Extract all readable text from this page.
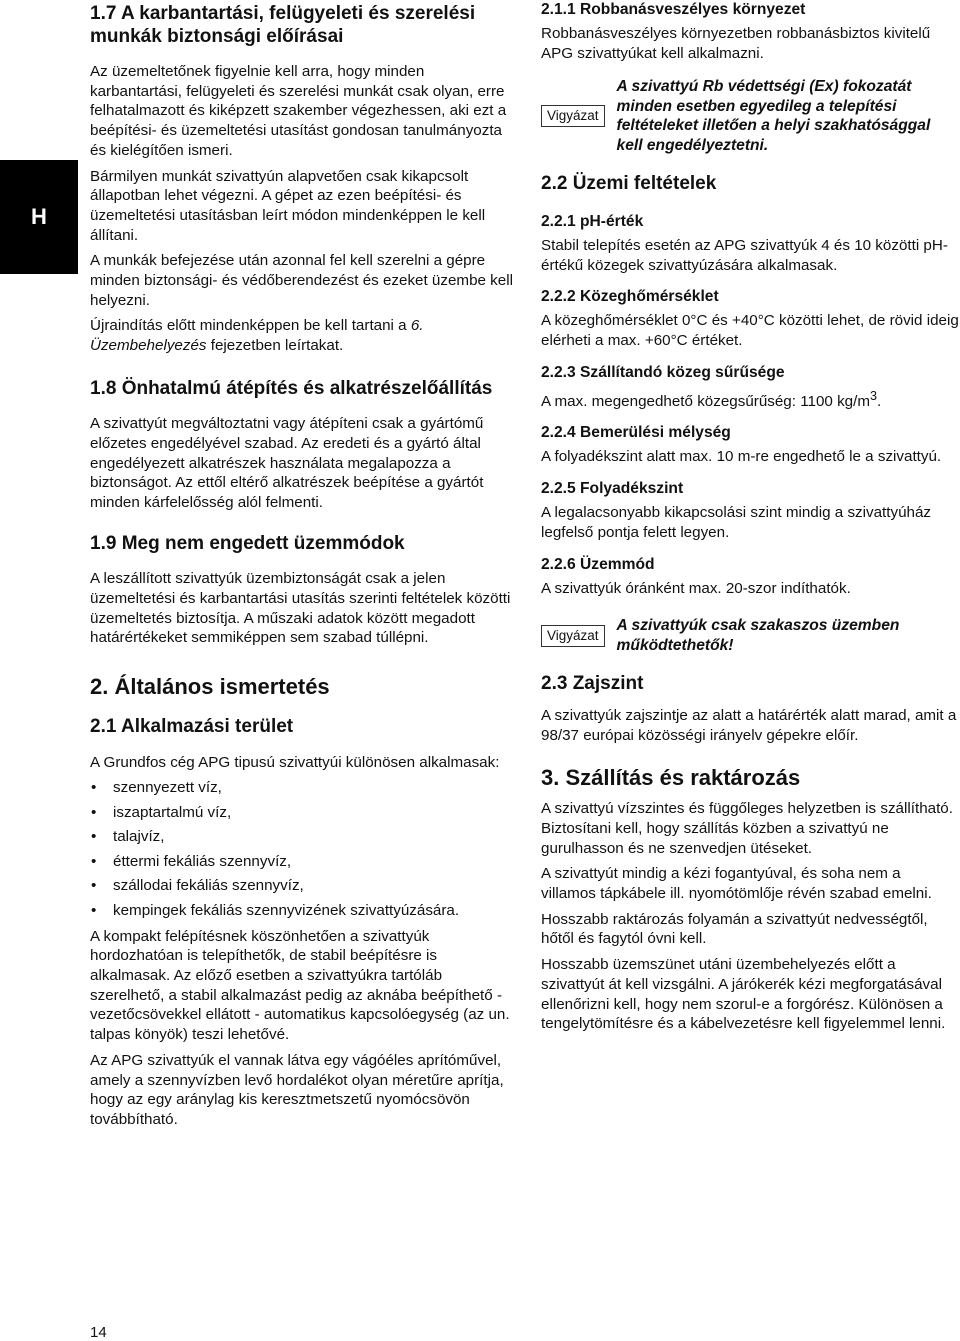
H
1.7 A karbantartási, felügyeleti és szerelési munkák biztonsági előírásai

Az üzemeltetőnek figyelnie kell arra, hogy minden karbantartási, felügyeleti és szerelési munkát csak olyan, erre felhatalmazott és kiképzett szakember végezhessen, aki ezt a beépítési- és üzemeltetési utasítást gondosan tanulmányozta és kielégítően ismeri.

Bármilyen munkát szivattyún alapvetően csak kikapcsolt állapotban lehet végezni. A gépet az ezen beépítési- és üzemeltetési utasításban leírt módon mindenképpen le kell állítani.

A munkák befejezése után azonnal fel kell szerelni a gépre minden biztonsági- és védőberendezést és ezeket üzembe kell helyezni.

Újraindítás előtt mindenképpen be kell tartani a 6. Üzembehelyezés fejezetben leírtakat.

1.8 Önhatalmú átépítés és alkatrészelőállítás

A szivattyút megváltoztatni vagy átépíteni csak a gyártómű előzetes engedélyével szabad. Az eredeti és a gyártó által engedélyezett alkatrészek használata megalapozza a biztonságot. Az ettől eltérő alkatrészek beépítése a gyártót minden kárfelelősség alól felmenti.

1.9 Meg nem engedett üzemmódok

A leszállított szivattyúk üzembiztonságát csak a jelen üzemeltetési és karbantartási utasítás szerinti feltételek közötti üzemeltetés biztosítja. A műszaki adatok között megadott határértékeket semmiképpen sem szabad túllépni.

2. Általános ismertetés
2.1 Alkalmazási terület

A Grundfos cég APG tipusú szivattyúi különösen alkalmasak:

• szennyezett víz,
• iszaptartalmú víz,
• talajvíz,
• éttermi fekáliás szennyvíz,
• szállodai fekáliás szennyvíz,
• kempingek fekáliás szennyvizének szivattyúzására.

A kompakt felépítésnek köszönhetően a szivattyúk hordozhatóan is telepíthetők, de stabil beépítésre is alkalmasak. Az előző esetben a szivattyúkra tartóláb szerelhető, a stabil alkalmazást pedig az aknába beépíthető - vezetőcsövekkel ellátott - automatikus kapcsolóegység (az un. talpas könyök) teszi lehetővé.

Az APG szivattyúk el vannak látva egy vágóéles aprítóművel, amely a szennyvízben levő hordalékot olyan méretűre aprítja, hogy az egy aránylag kis keresztmetszetű nyomócsövön továbbítható.

2.1.1 Robbanásveszélyes környezet

Robbanásveszélyes környezetben robbanásbiztos kivitelű APG szivattyúkat kell alkalmazni.

Vigyázat
A szivattyú Rb védettségi (Ex) fokozatát minden esetben egyedileg a telepítési feltételeket illetően a helyi szakhatósággal kell engedélyeztetni.
2.2 Üzemi feltételek
2.2.1 pH-érték

Stabil telepítés esetén az APG szivattyúk 4 és 10 közötti pH-értékű közegek szivattyúzására alkalmasak.

2.2.2 Közeghőmérséklet

A közeghőmérséklet 0°C és +40°C közötti lehet, de rövid ideig elérheti a max. +60°C értéket.

2.2.3 Szállítandó közeg sűrűsége

A max. megengedhető közegsűrűség: 1100 $kg/m^3$.

2.2.4 Bemerülési mélység

A folyadékszint alatt max. 10 m-re engedhető le a szivattyú.

2.2.5 Folyadékszint

A legalacsonyabb kikapcsolási szint mindig a szivattyúház legfelső pontja felett legyen.

2.2.6 Üzemmód

A szivattyúk óránként max. 20-szor indíthatók.

Vigyázat
A szivattyúk csak szakaszos üzemben működtethetők!
2.3 Zajszint

A szivattyúk zajszintje az alatt a határérték alatt marad, amit a 98/37 európai közösségi irányelv gépekre előír.

3. Szállítás és raktározás

A szivattyú vízszintes és függőleges helyzetben is szállítható. Biztosítani kell, hogy szállítás közben a szivattyú ne gurulhasson és ne szenvedjen ütéseket.

A szivattyút mindig a kézi fogantyúval, és soha nem a villamos tápkábele ill. nyomótömlője révén szabad emelni.

Hosszabb raktározás folyamán a szivattyút nedvességtől, hőtől és fagytól óvni kell.

Hosszabb üzemszünet utáni üzembehelyezés előtt a szivattyút át kell vizsgálni. A járókerék kézi megforgatásával ellenőrizni kell, hogy nem szorul-e a forgórész. Különösen a tengelytömítésre és a kábelvezetésre kell figyelemmel lenni.

14
